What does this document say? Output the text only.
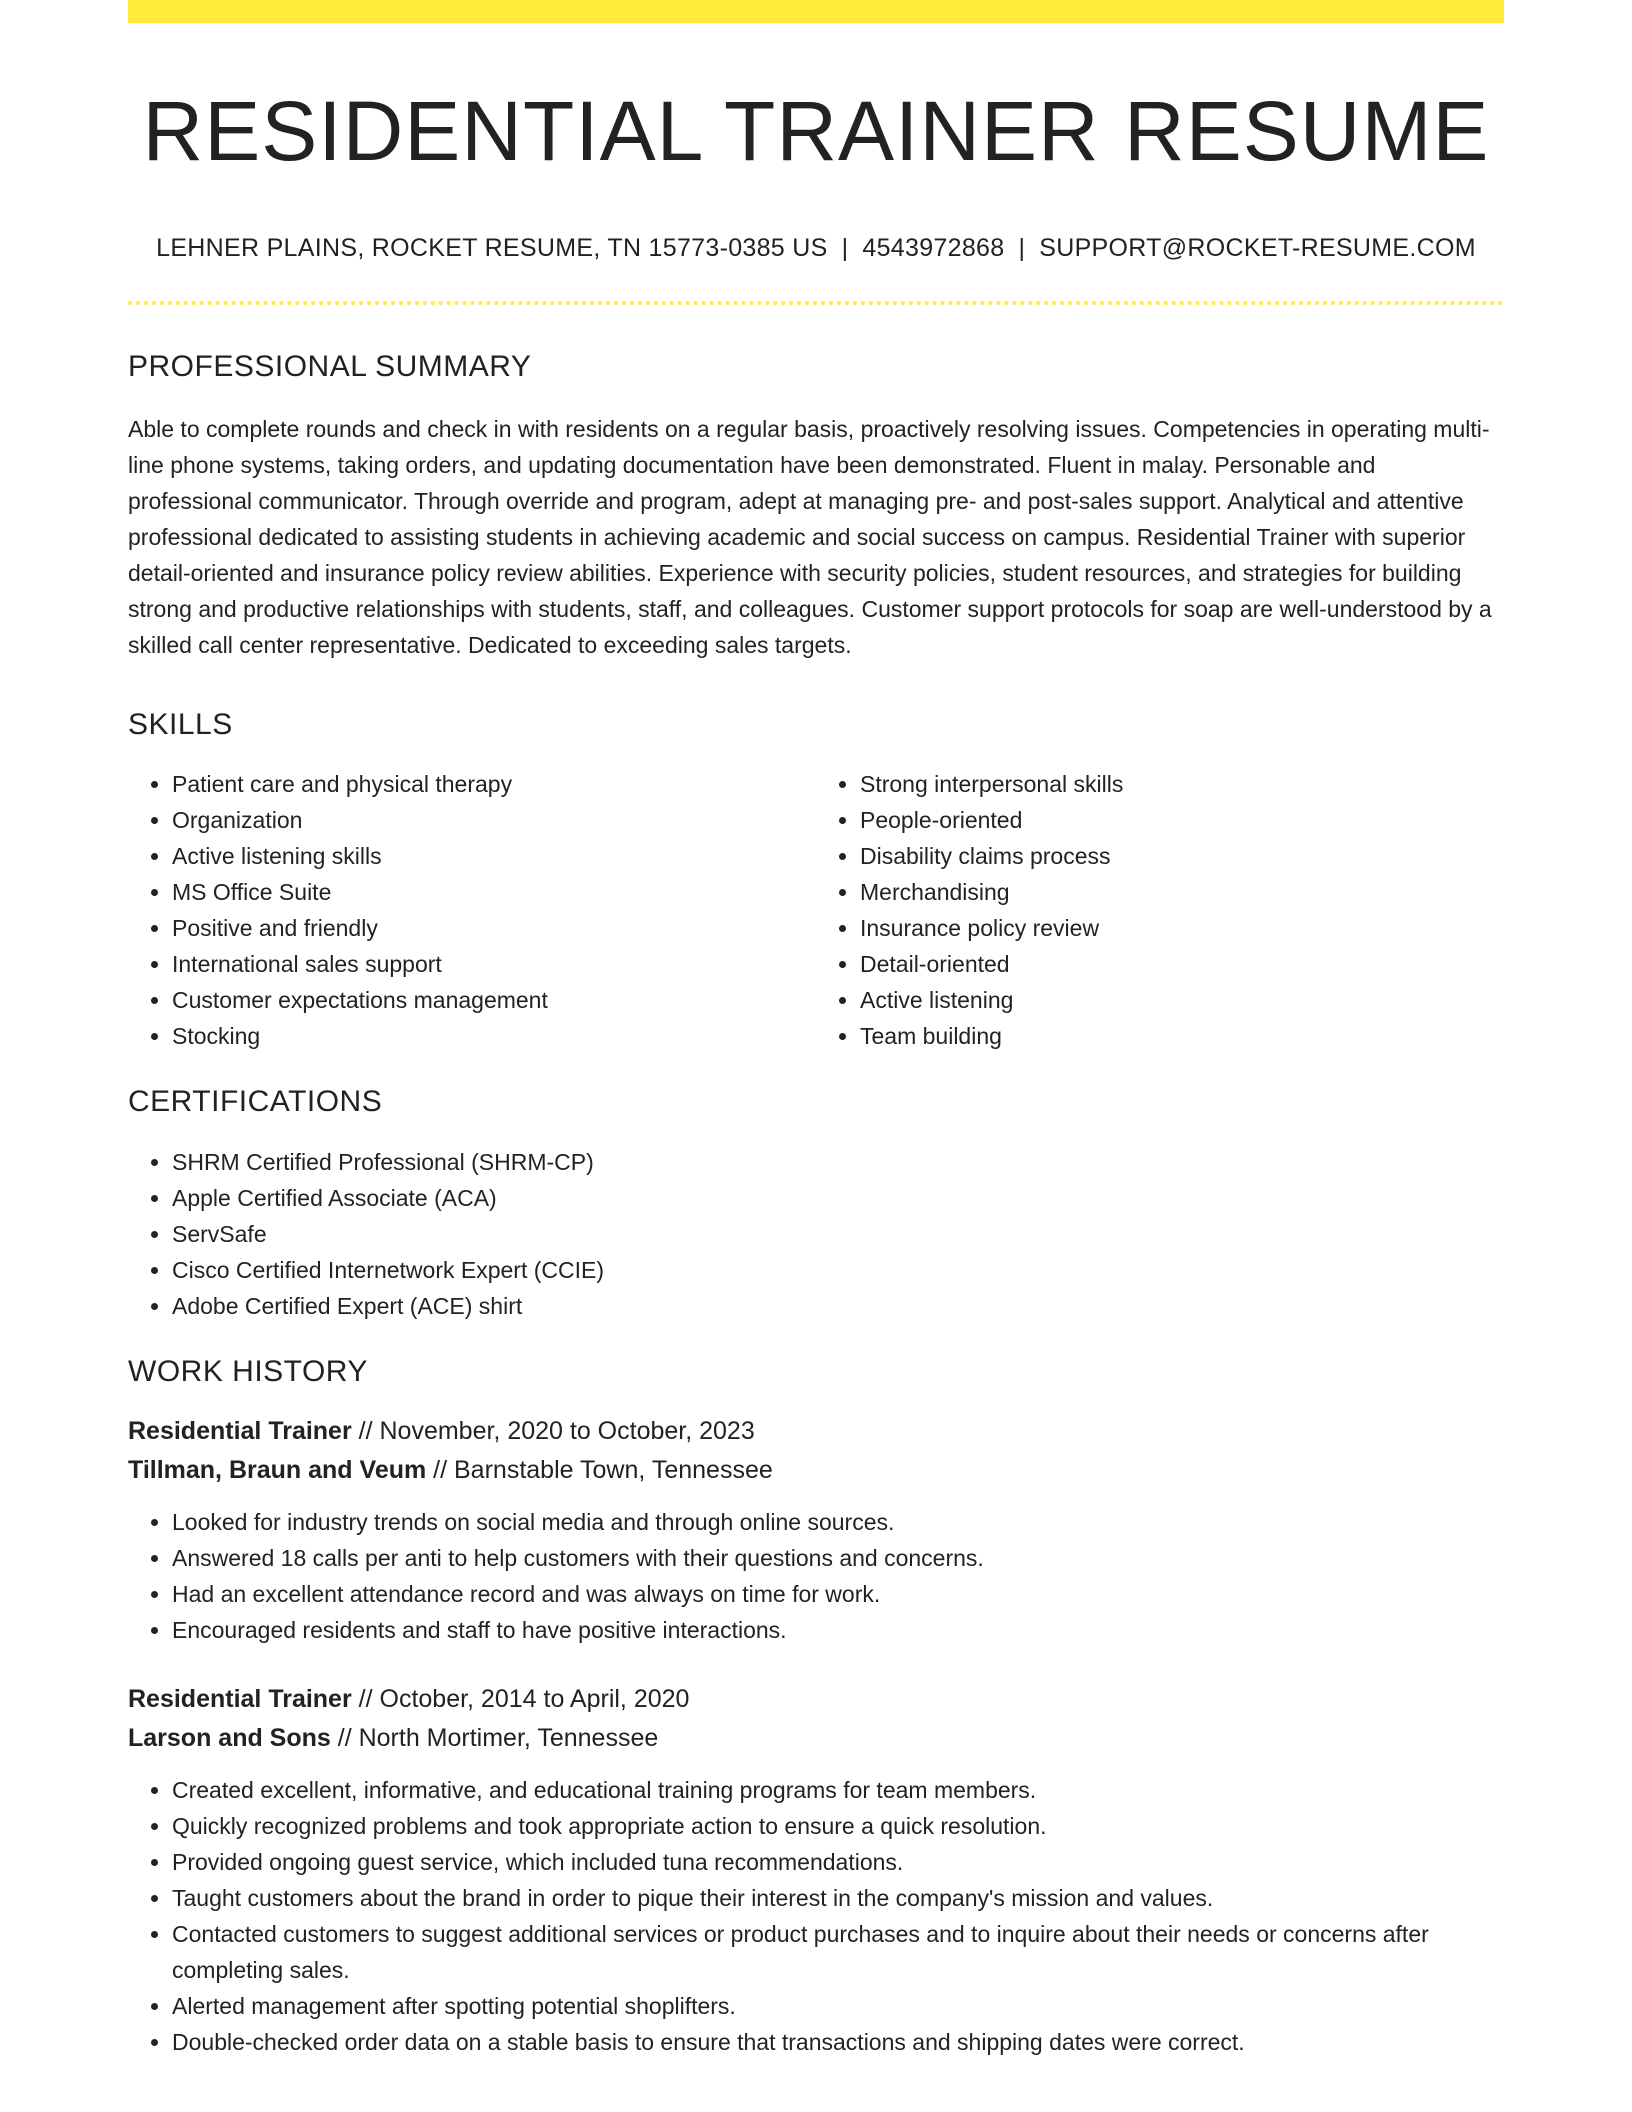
RESIDENTIAL TRAINER RESUME
LEHNER PLAINS, ROCKET RESUME, TN 15773-0385 US | 4543972868 | SUPPORT@ROCKET-RESUME.COM
PROFESSIONAL SUMMARY

Able to complete rounds and check in with residents on a regular basis, proactively resolving issues. Competencies in operating multi-line phone systems, taking orders, and updating documentation have been demonstrated. Fluent in malay. Personable and professional communicator. Through override and program, adept at managing pre- and post-sales support. Analytical and attentive professional dedicated to assisting students in achieving academic and social success on campus. Residential Trainer with superior detail-oriented and insurance policy review abilities. Experience with security policies, student resources, and strategies for building strong and productive relationships with students, staff, and colleagues. Customer support protocols for soap are well-understood by a skilled call center representative. Dedicated to exceeding sales targets.

SKILLS
• Patient care and physical therapy
• Organization
• Active listening skills
• MS Office Suite
• Positive and friendly
• International sales support
• Customer expectations management
• Stocking
• Strong interpersonal skills
• People-oriented
• Disability claims process
• Merchandising
• Insurance policy review
• Detail-oriented
• Active listening
• Team building
CERTIFICATIONS
• SHRM Certified Professional (SHRM-CP)
• Apple Certified Associate (ACA)
• ServSafe
• Cisco Certified Internetwork Expert (CCIE)
• Adobe Certified Expert (ACE) shirt
WORK HISTORY
Residential Trainer // November, 2020 to October, 2023
Tillman, Braun and Veum // Barnstable Town, Tennessee
• Looked for industry trends on social media and through online sources.
• Answered 18 calls per anti to help customers with their questions and concerns.
• Had an excellent attendance record and was always on time for work.
• Encouraged residents and staff to have positive interactions.
Residential Trainer // October, 2014 to April, 2020
Larson and Sons // North Mortimer, Tennessee
• Created excellent, informative, and educational training programs for team members.
• Quickly recognized problems and took appropriate action to ensure a quick resolution.
• Provided ongoing guest service, which included tuna recommendations.
• Taught customers about the brand in order to pique their interest in the company's mission and values.
• Contacted customers to suggest additional services or product purchases and to inquire about their needs or concerns after completing sales.
• Alerted management after spotting potential shoplifters.
• Double-checked order data on a stable basis to ensure that transactions and shipping dates were correct.
